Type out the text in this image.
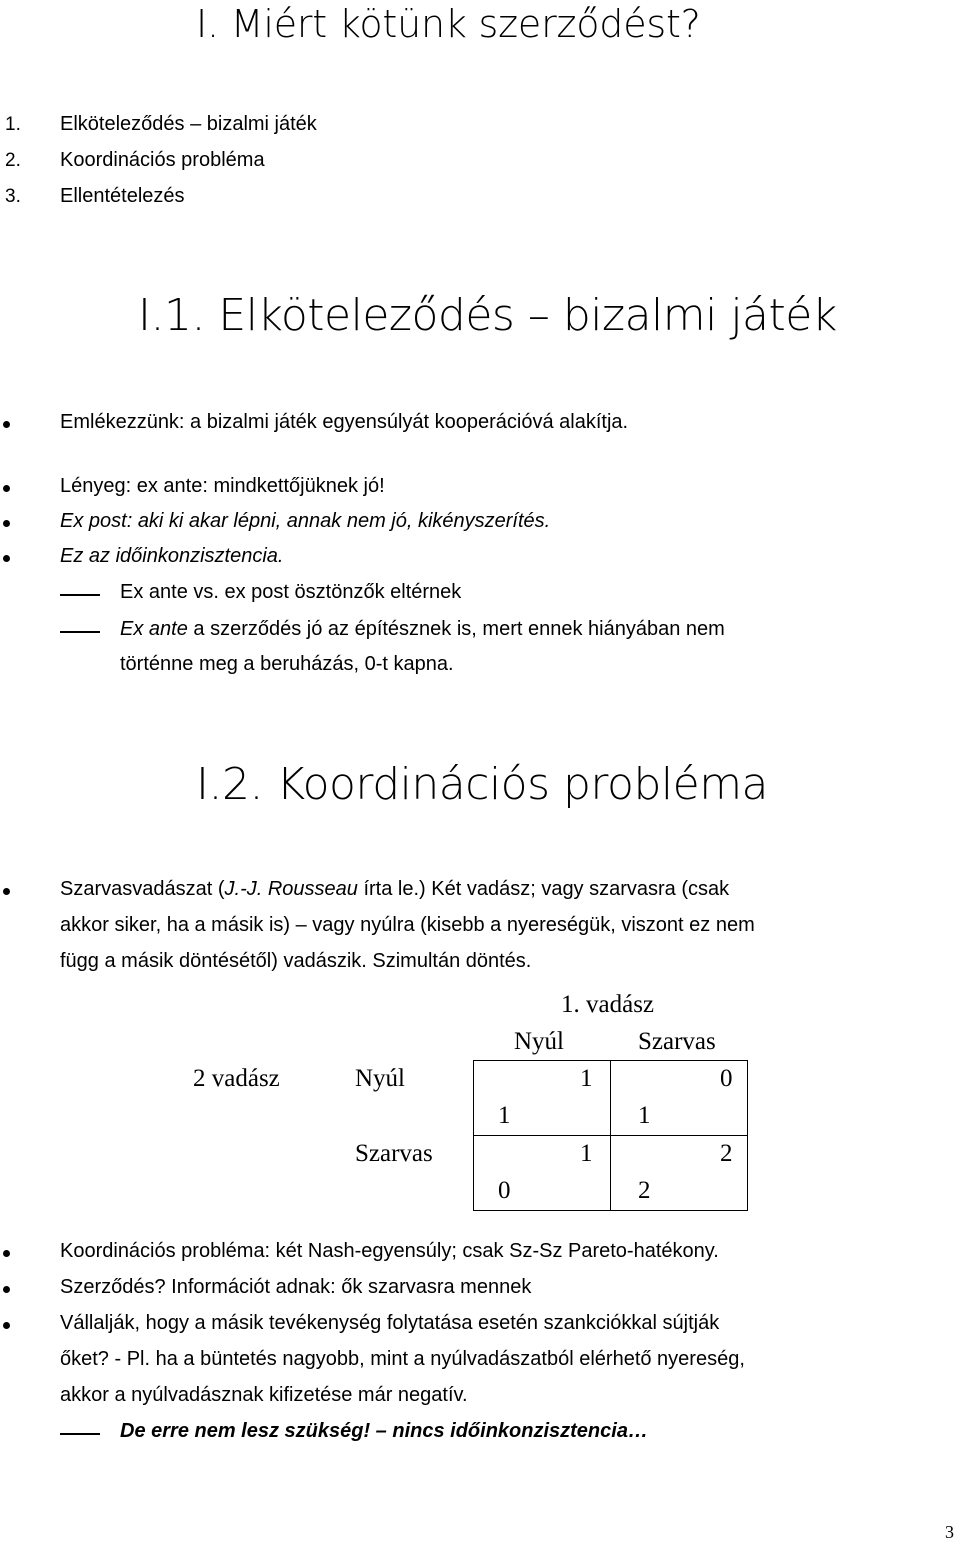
I. Miért kötünk szerződést?
1. Elköteleződés – bizalmi játék
2. Koordinációs probléma
3. Ellentételezés
I.1. Elköteleződés – bizalmi játék
Emlékezzünk: a bizalmi játék egyensúlyát kooperációvá alakítja.
Lényeg: ex ante: mindkettőjüknek jó!
Ex post: aki ki akar lépni, annak nem jó, kikényszerítés.
Ez az időinkonzisztencia.
Ex ante vs. ex post ösztönzők eltérnek
Ex ante a szerződés jó az építésznek is, mert ennek hiányában nem
történne meg a beruházás, 0-t kapna.
I.2. Koordinációs probléma
Szarvasvadászat (J.-J. Rousseau írta le.) Két vadász; vagy szarvasra (csak
akkor siker, ha a másik is) – vagy nyúlra (kisebb a nyereségük, viszont ez nem
függ a másik döntésétől) vadászik. Szimultán döntés.
1. vadász
Nyúl	Szarvas
2 vadász	Nyúl
Szarvas
1
1
0
1
1
0
2
2
Koordinációs probléma: két Nash-egyensúly; csak Sz-Sz Pareto-hatékony.
Szerződés? Információt adnak: ők szarvasra mennek
Vállalják, hogy a másik tevékenység folytatása esetén szankciókkal sújtják
őket? - Pl. ha a büntetés nagyobb, mint a nyúlvadászatból elérhető nyereség,
akkor a nyúlvadásznak kifizetése már negatív.
De erre nem lesz szükség! – nincs időinkonzisztencia…
3
